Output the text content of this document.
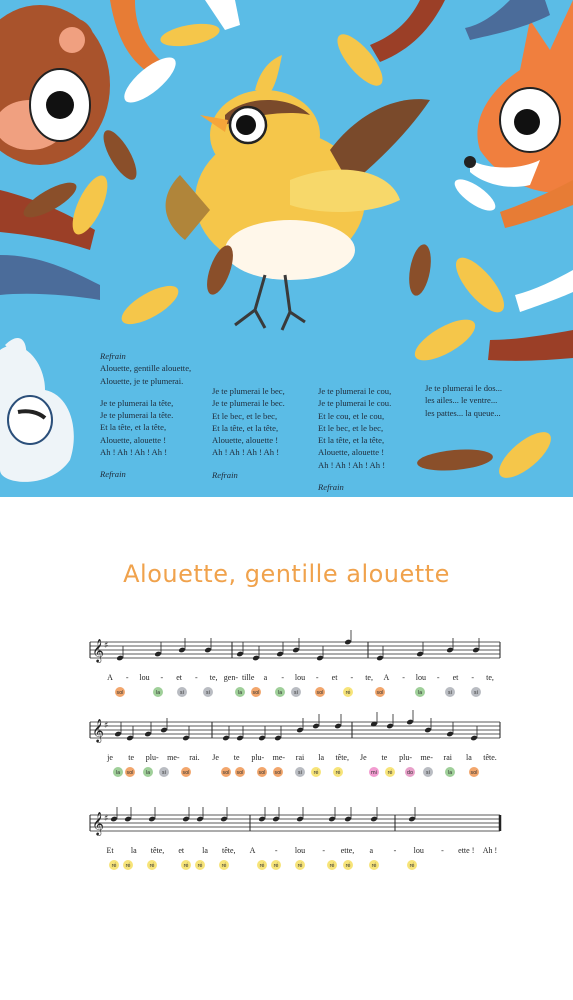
Refrain
Alouette, gentille alouette,
Alouette, je te plumerai.
Je te plumerai la tête,
Je te plumerai la tête.
Et la tête, et la tête,
Alouette, alouette !
Ah ! Ah ! Ah ! Ah !
Refrain
Je te plumerai le bec,
Je te plumerai le bec.
Et le bec, et le bec,
Et la tête, et la tête,
Alouette, alouette !
Ah ! Ah ! Ah ! Ah !
Refrain
Je te plumerai le cou,
Je te plumerai le cou.
Et le cou, et le cou,
Et le bec, et le bec,
Et la tête, et la tête,
Alouette, alouette !
Ah ! Ah ! Ah ! Ah !
Refrain
Je te plumerai le dos...
les ailes... le ventre...
les pattes... la queue...
Alouette, gentille alouette
𝄞 ♯
A - lou - et - te, gen- tille a - lou - et - te, A - lou - et - te,
sol	la	si	si	la sol	la si	sol	ré	sol	la	si	si
𝄞 ♯
je te plu- me- rai. Je te plu- me- rai la tête, Je te plu- me- rai la tête.
la sol la si	sol	sol sol	sol sol	si ré	ré	mi ré	do	si	la	sol
𝄞 ♯
Et la tête, et la tête, A - lou - ette, a	- lou - ette ! Ah !
ré ré	ré	ré ré	ré	ré ré	ré	ré ré	ré	ré
